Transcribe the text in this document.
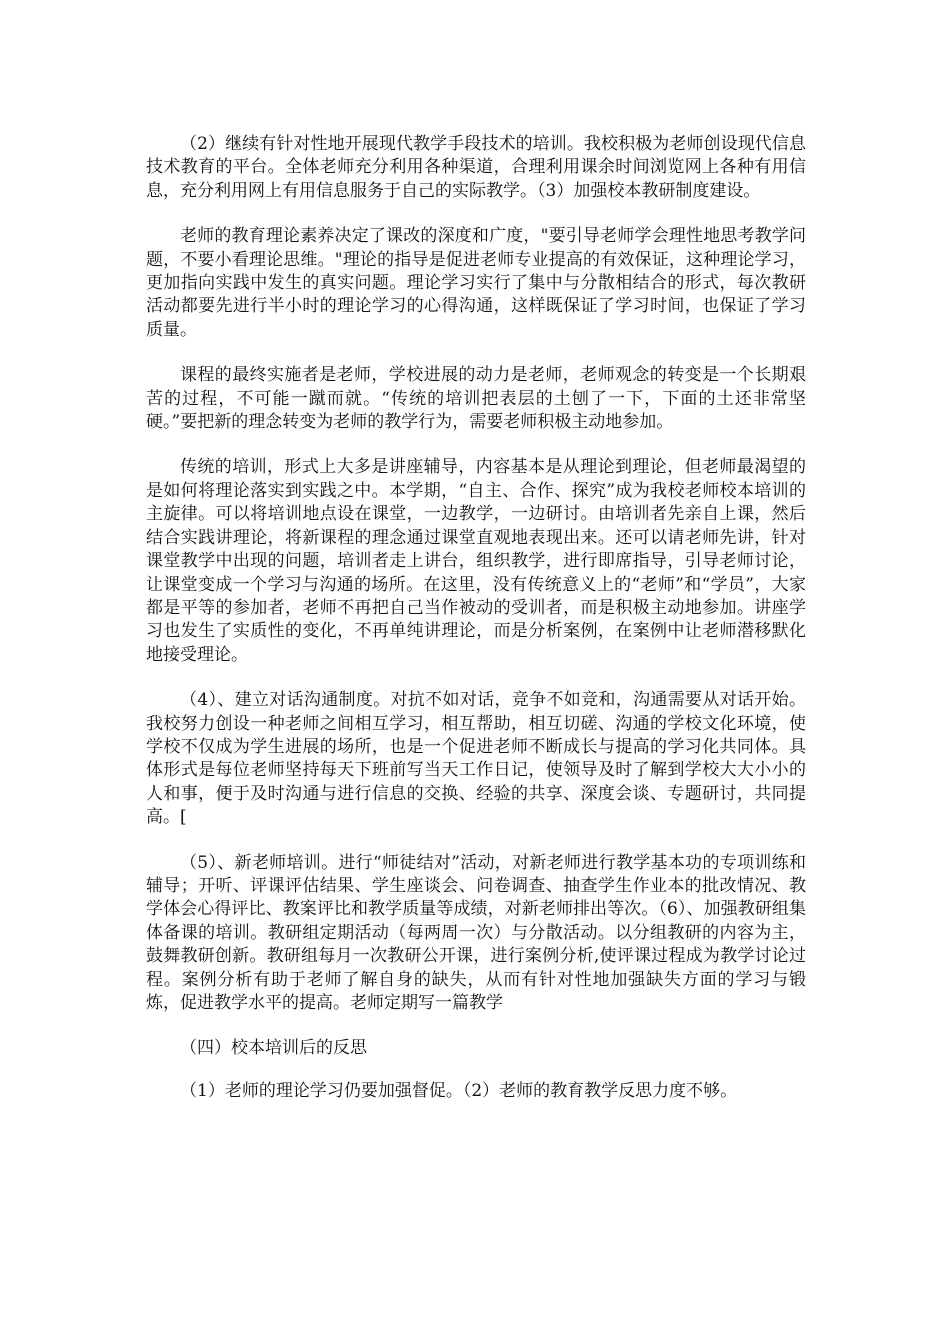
（2）继续有针对性地开展现代教学手段技术的培训。我校积极为老师创设现代信息技术教育的平台。全体老师充分利用各种渠道，合理利用课余时间浏览网上各种有用信息，充分利用网上有用信息服务于自己的实际教学。（3）加强校本教研制度建设。

老师的教育理论素养决定了课改的深度和广度，"要引导老师学会理性地思考教学问题，不要小看理论思维。"理论的指导是促进老师专业提高的有效保证，这种理论学习，更加指向实践中发生的真实问题。理论学习实行了集中与分散相结合的形式，每次教研活动都要先进行半小时的理论学习的心得沟通，这样既保证了学习时间，也保证了学习质量。

课程的最终实施者是老师，学校进展的动力是老师，老师观念的转变是一个长期艰苦的过程，不可能一蹴而就。“传统的培训把表层的土刨了一下，下面的土还非常坚硬。”要把新的理念转变为老师的教学行为，需要老师积极主动地参加。

传统的培训，形式上大多是讲座辅导，内容基本是从理论到理论，但老师最渴望的是如何将理论落实到实践之中。本学期，“自主、合作、探究”成为我校老师校本培训的主旋律。可以将培训地点设在课堂，一边教学，一边研讨。由培训者先亲自上课，然后结合实践讲理论，将新课程的理念通过课堂直观地表现出来。还可以请老师先讲，针对课堂教学中出现的问题，培训者走上讲台，组织教学，进行即席指导，引导老师讨论，让课堂变成一个学习与沟通的场所。在这里，没有传统意义上的“老师”和“学员”，大家都是平等的参加者，老师不再把自己当作被动的受训者，而是积极主动地参加。讲座学习也发生了实质性的变化，不再单纯讲理论，而是分析案例，在案例中让老师潜移默化地接受理论。

（4）、建立对话沟通制度。对抗不如对话，竞争不如竞和，沟通需要从对话开始。我校努力创设一种老师之间相互学习，相互帮助，相互切磋、沟通的学校文化环境，使学校不仅成为学生进展的场所，也是一个促进老师不断成长与提高的学习化共同体。具体形式是每位老师坚持每天下班前写当天工作日记，使领导及时了解到学校大大小小的人和事，便于及时沟通与进行信息的交换、经验的共享、深度会谈、专题研讨，共同提高。[

（5）、新老师培训。进行“师徒结对”活动，对新老师进行教学基本功的专项训练和辅导；开听、评课评估结果、学生座谈会、问卷调查、抽查学生作业本的批改情况、教学体会心得评比、教案评比和教学质量等成绩，对新老师排出等次。（6）、加强教研组集体备课的培训。教研组定期活动（每两周一次）与分散活动。以分组教研的内容为主，鼓舞教研创新。教研组每月一次教研公开课，进行案例分析,使评课过程成为教学讨论过程。案例分析有助于老师了解自身的缺失，从而有针对性地加强缺失方面的学习与锻炼，促进教学水平的提高。老师定期写一篇教学

（四）校本培训后的反思

（1）老师的理论学习仍要加强督促。（2）老师的教育教学反思力度不够。
